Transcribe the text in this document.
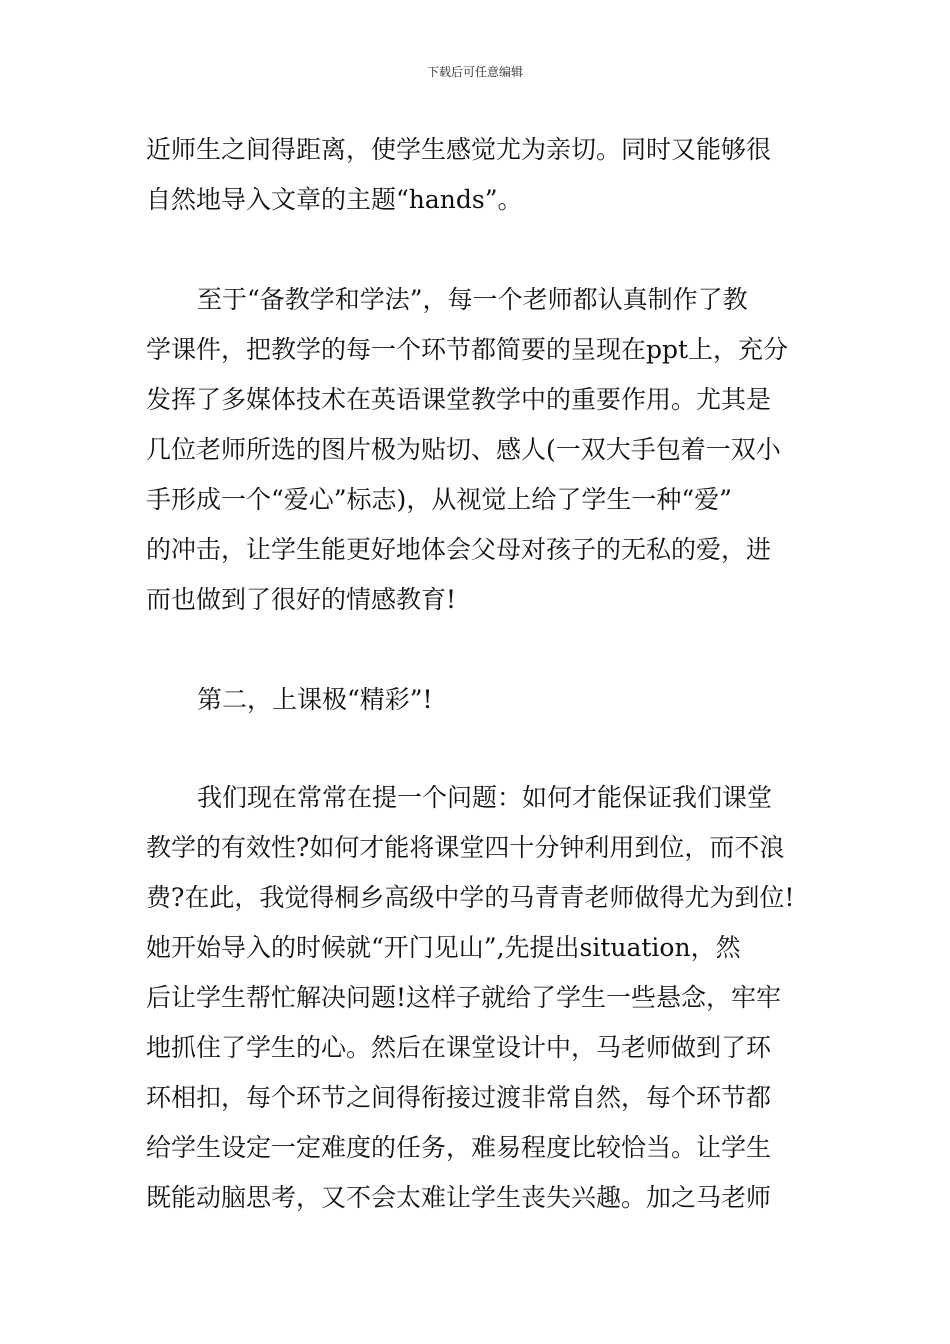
下载后可任意编辑
近师生之间得距离，使学生感觉尤为亲切。同时又能够很
自然地导入文章的主题“hands”。
至于“备教学和学法”，每一个老师都认真制作了教
学课件，把教学的每一个环节都简要的呈现在ppt上，充分
发挥了多媒体技术在英语课堂教学中的重要作用。尤其是
几位老师所选的图片极为贴切、感人(一双大手包着一双小
手形成一个“爱心”标志)，从视觉上给了学生一种“爱”
的冲击，让学生能更好地体会父母对孩子的无私的爱，进
而也做到了很好的情感教育!
第二，上课极“精彩”!
我们现在常常在提一个问题：如何才能保证我们课堂
教学的有效性?如何才能将课堂四十分钟利用到位，而不浪
费?在此，我觉得桐乡高级中学的马青青老师做得尤为到位!
她开始导入的时候就“开门见山”,先提出situation，然
后让学生帮忙解决问题!这样子就给了学生一些悬念，牢牢
地抓住了学生的心。然后在课堂设计中，马老师做到了环
环相扣，每个环节之间得衔接过渡非常自然，每个环节都
给学生设定一定难度的任务，难易程度比较恰当。让学生
既能动脑思考，又不会太难让学生丧失兴趣。加之马老师
